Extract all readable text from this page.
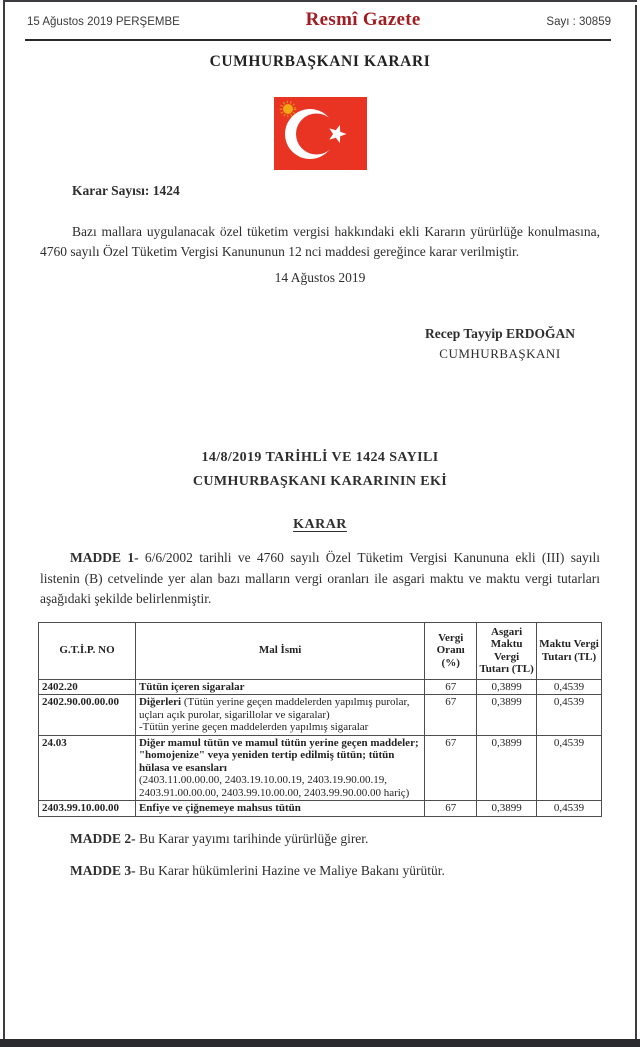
15 Ağustos 2019 PERŞEMBE	Resmî Gazete	Sayı : 30859
CUMHURBAŞKANI KARARI
Karar Sayısı: 1424

Bazı mallara uygulanacak özel tüketim vergisi hakkındaki ekli Kararın yürürlüğe konulmasına, 4760 sayılı Özel Tüketim Vergisi Kanununun 12 nci maddesi gereğince karar verilmiştir.

14 Ağustos 2019
Recep Tayyip ERDOĞAN
CUMHURBAŞKANI
14/8/2019 TARİHLİ VE 1424 SAYILI
CUMHURBAŞKANI KARARININ EKİ
KARAR

MADDE 1- 6/6/2002 tarihli ve 4760 sayılı Özel Tüketim Vergisi Kanununa ekli (III) sayılı listenin (B) cetvelinde yer alan bazı malların vergi oranları ile asgari maktu ve maktu vergi tutarları aşağıdaki şekilde belirlenmiştir.

G.T.İ.P. NO	Mal İsmi	Vergi Oranı (%)	Asgari Maktu Vergi Tutarı (TL)	Maktu Vergi Tutarı (TL)
2402.20	Tütün içeren sigaralar	67	0,3899	0,4539
2402.90.00.00.00	Diğerleri (Tütün yerine geçen maddelerden yapılmış purolar, uçları açık purolar, sigarillolar ve sigaralar)
-Tütün yerine geçen maddelerden yapılmış sigaralar	67	0,3899	0,4539
24.03	Diğer mamul tütün ve mamul tütün yerine geçen maddeler; "homojenize" veya yeniden tertip edilmiş tütün; tütün hülasa ve esansları
(2403.11.00.00.00, 2403.19.10.00.19, 2403.19.90.00.19, 2403.91.00.00.00, 2403.99.10.00.00, 2403.99.90.00.00 hariç)	67	0,3899	0,4539
2403.99.10.00.00	Enfiye ve çiğnemeye mahsus tütün	67	0,3899	0,4539

MADDE 2- Bu Karar yayımı tarihinde yürürlüğe girer.

MADDE 3- Bu Karar hükümlerini Hazine ve Maliye Bakanı yürütür.
